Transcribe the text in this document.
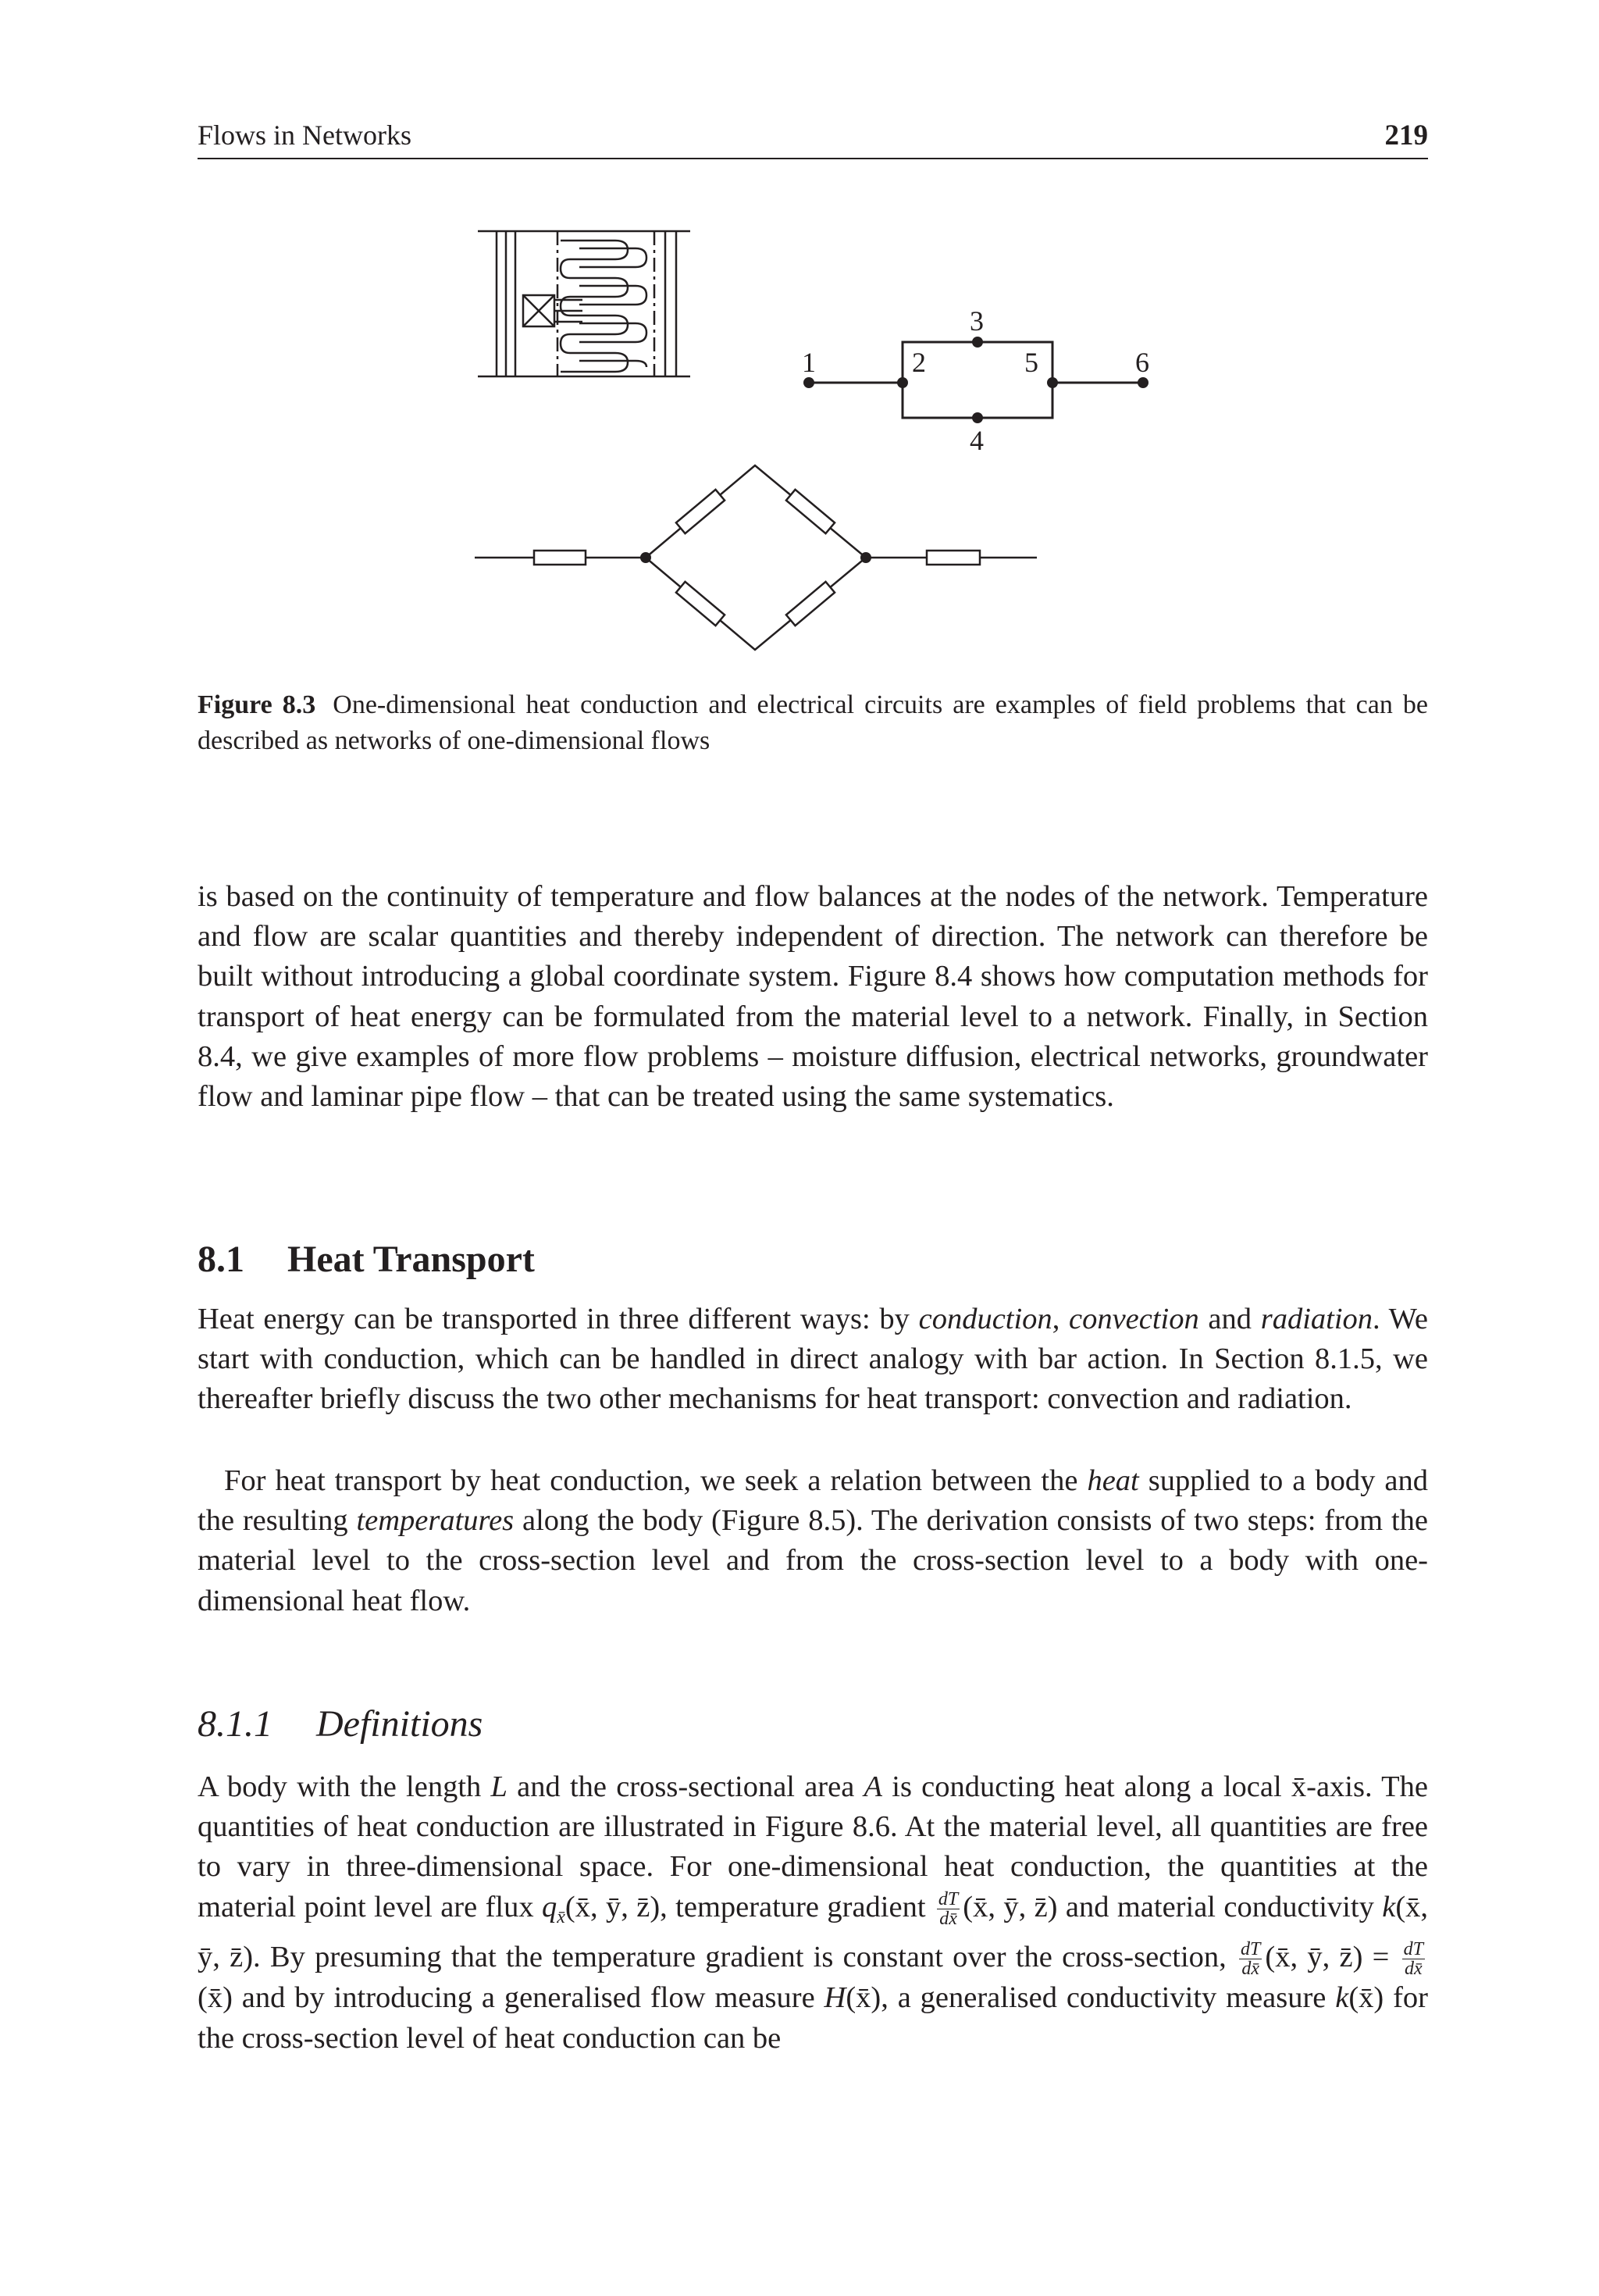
Flows in Networks	219
1	2
3
4
5	6
Figure 8.3 One-dimensional heat conduction and electrical circuits are examples of field problems that can be described as networks of one-dimensional flows

is based on the continuity of temperature and flow balances at the nodes of the network. Temperature and flow are scalar quantities and thereby independent of direction. The network can therefore be built without introducing a global coordinate system. Figure 8.4 shows how computation methods for transport of heat energy can be formulated from the material level to a network. Finally, in Section 8.4, we give examples of more flow problems – moisture diffusion, electrical networks, groundwater flow and laminar pipe flow – that can be treated using the same systematics.

8.1 Heat Transport

Heat energy can be transported in three different ways: by conduction, convection and radiation. We start with conduction, which can be handled in direct analogy with bar action. In Section 8.1.5, we thereafter briefly discuss the two other mechanisms for heat transport: convection and radiation.

For heat transport by heat conduction, we seek a relation between the heat supplied to a body and the resulting temperatures along the body (Figure 8.5). The derivation consists of two steps: from the material level to the cross-section level and from the cross-section level to a body with one-dimensional heat flow.

8.1.1 Definitions

A body with the length L and the cross-sectional area A is conducting heat along a local x̄-axis. The quantities of heat conduction are illustrated in Figure 8.6. At the material level, all quantities are free to vary in three-dimensional space. For one-dimensional heat conduction, the quantities at the material point level are flux $q_{x̄}(x̄$, ȳ, z̄), temperature gradient $\frac{dT}{dx̄}$ (x̄, ȳ, z̄) and material conductivity k(x̄, ȳ, z̄). By presuming that the temperature gradient is constant over the cross-section, $\frac{dT}{dx̄}$ (x̄, ȳ, z̄) = $\frac{dT}{dx̄}$
(x̄) and by introducing a generalised flow measure H(x̄), a generalised conductivity measure k(x̄) for the cross-section level of heat conduction can be
